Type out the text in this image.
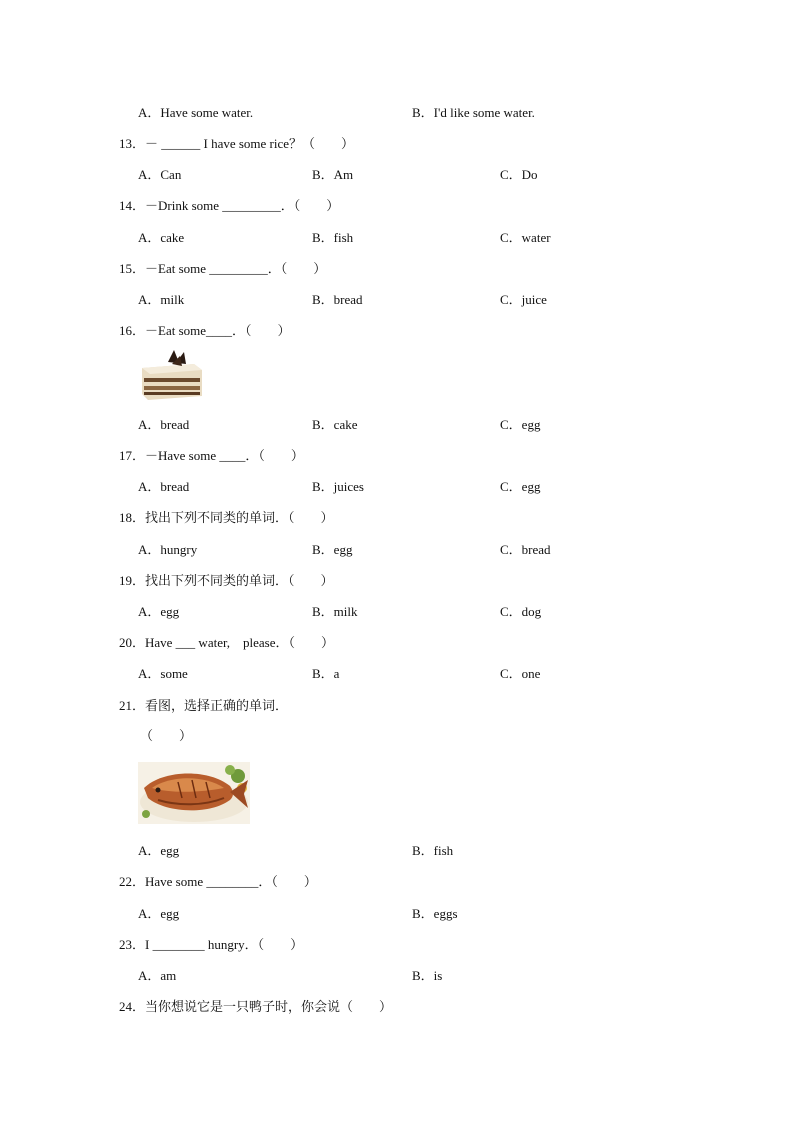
A．Have some water.	B．I'd like some water.
13．－ ______ I have some rice？（　　）
A．Can	B．Am	C．Do
14．－Drink some _________．（　　）
A．cake	B．fish	C．water
15．－Eat some _________．（　　）
A．milk	B．bread	C．juice
16．－Eat some____．（　　）
A．bread	B．cake	C．egg
17．－Have some ____．（　　）
A．bread	B．juices	C．egg
18．找出下列不同类的单词．（　　）
A．hungry	B．egg	C．bread
19．找出下列不同类的单词．（　　）
A．egg	B．milk	C．dog
20．Have ___ water,　please．（　　）
A．some	B．a	C．one
21．看图，选择正确的单词．
（　　）
A．egg	B．fish
22．Have some ________．（　　）
A．egg	B．eggs
23．I ________ hungry．（　　）
A．am	B．is
24．当你想说它是一只鸭子时，你会说（　　）
